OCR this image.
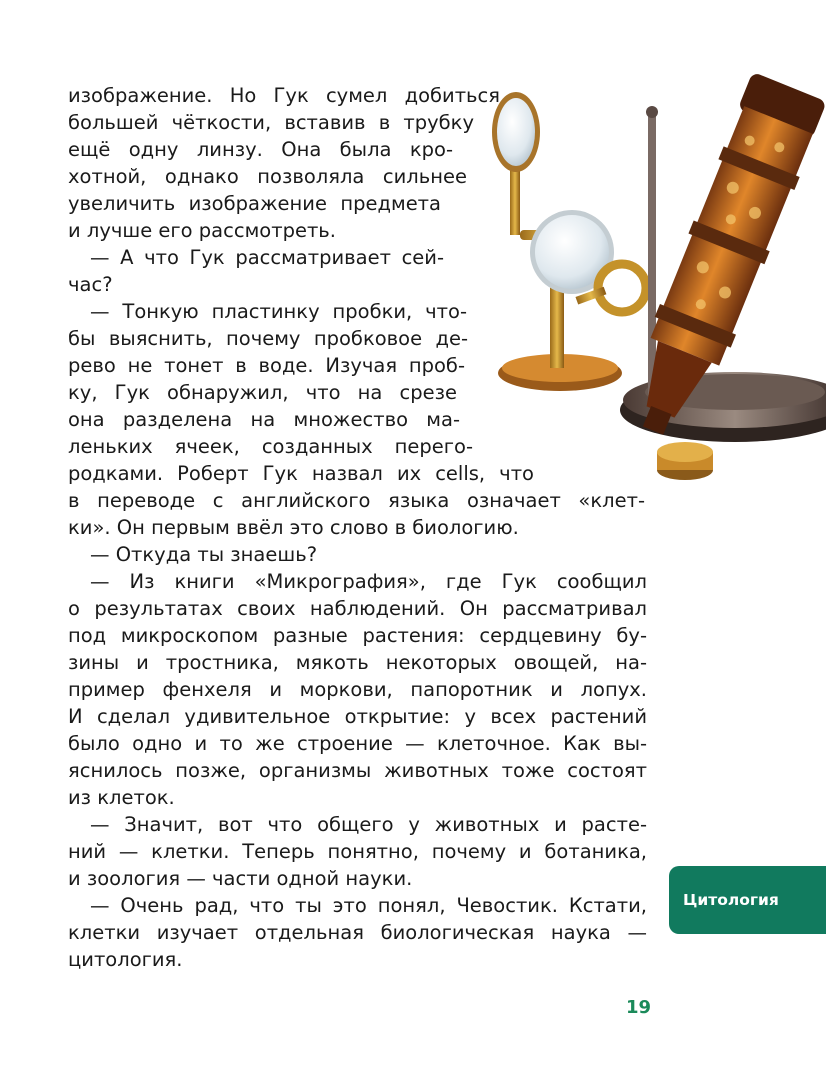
изображение. Но Гук сумел добиться
большей чёткости, вставив в трубку
ещё одну линзу. Она была кро-
хотной, однако позволяла сильнее
увеличить изображение предмета
и лучше его рассмотреть.
— А что Гук рассматривает сей-
час?
— Тонкую пластинку пробки, что-
бы выяснить, почему пробковое де-
рево не тонет в воде. Изучая проб-
ку, Гук обнаружил, что на срезе
она разделена на множество ма-
леньких ячеек, созданных перего-
родками. Роберт Гук назвал их cells, что
в переводе с английского языка означает «клет-
ки». Он первым ввёл это слово в биологию.
— Откуда ты знаешь?
— Из книги «Микрография», где Гук сообщил
о результатах своих наблюдений. Он рассматривал
под микроскопом разные растения: сердцевину бу-
зины и тростника, мякоть некоторых овощей, на-
пример фенхеля и моркови, папоротник и лопух.
И сделал удивительное открытие: у всех растений
было одно и то же строение — клеточное. Как вы-
яснилось позже, организмы животных тоже состоят
из клеток.
— Значит, вот что общего у животных и расте-
ний — клетки. Теперь понятно, почему и ботаника,
и зоология — части одной науки.
— Очень рад, что ты это понял, Чевостик. Кстати,
клетки изучает отдельная биологическая наука —
цитология.
Цитология
19
